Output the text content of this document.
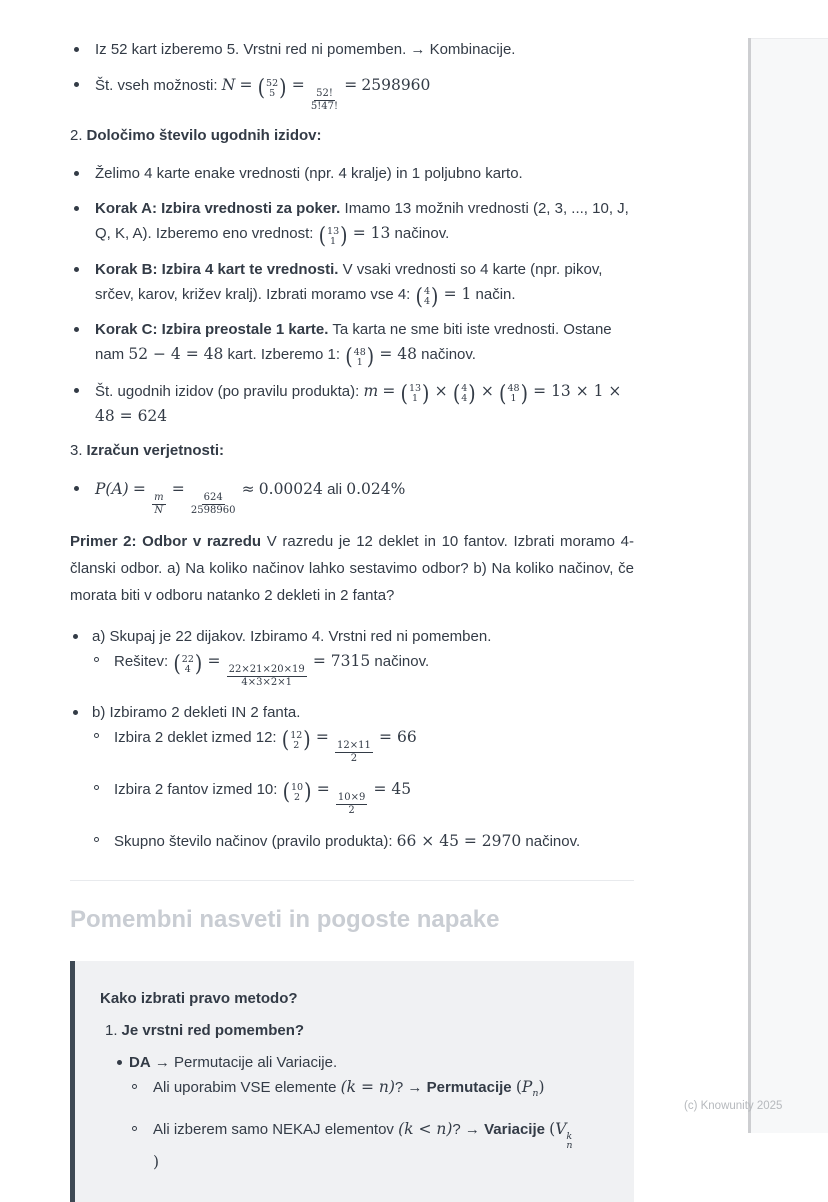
Iz 52 kart izberemo 5. Vrstni red ni pomemben. → Kombinacije.
Št. vseh možnosti: N = ( 52
5 ) =
$\frac{52!}{5!47!}$
= 2598960
2. Določimo število ugodnih izidov:
Želimo 4 karte enake vrednosti (npr. 4 kralje) in 1 poljubno karto.
Korak A: Izbira vrednosti za poker. Imamo 13 možnih vrednosti (2, 3, ..., 10, J, Q, K, A). Izberemo eno vrednost: ( 13
1 ) = 13 načinov.
Korak B: Izbira 4 kart te vrednosti. V vsaki vrednosti so 4 karte (npr. pikov, srčev, karov, križev kralj). Izbrati moramo vse 4: ( 4
4 ) = 1 način.
Korak C: Izbira preostale 1 karte. Ta karta ne sme biti iste vrednosti. Ostane nam 52 − 4 = 48 kart. Izberemo 1: ( 48
1 ) = 48 načinov.
Št. ugodnih izidov (po pravilu produkta): m = ( 13
1 ) × ( 4
4 ) × ( 48
1 ) = 13 × 1 ×
48 = 624
3. Izračun verjetnosti:
P(A) =
$\frac{m}{N}$
=
$\frac{624}{2598960}$
≈ 0.00024 ali 0.024%

Primer 2: Odbor v razredu V razredu je 12 deklet in 10 fantov. Izbrati moramo 4-članski odbor. a) Na koliko načinov lahko sestavimo odbor? b) Na koliko načinov, če morata biti v odboru natanko 2 dekleti in 2 fanta?

a) Skupaj je 22 dijakov. Izbiramo 4. Vrstni red ni pomemben.
Rešitev: ( 22
4 ) =
$\frac{22\times 21\times 20\times 19}{4\times 3\times 2\times 1}$
= 7315 načinov.
b) Izbiramo 2 dekleti IN 2 fanta.
Izbira 2 deklet izmed 12: ( 12
2 ) =
$\frac{12\times 11}{2}$
= 66
Izbira 2 fantov izmed 10: ( 10
2 ) =
$\frac{10\times 9}{2}$
= 45
Skupno število načinov (pravilo produkta): 66 × 45 = 2970 načinov.
Pomembni nasveti in pogoste napake
Kako izbrati pravo metodo?
1. Je vrstni red pomemben?
DA → Permutacije ali Variacije.
Ali uporabim VSE elemente (k = n)? → Permutacije $(P_n)$
Ali izberem samo NEKAJ elementov (k < n)? → Variacije (V k
n
)
(c) Knowunity 2025
